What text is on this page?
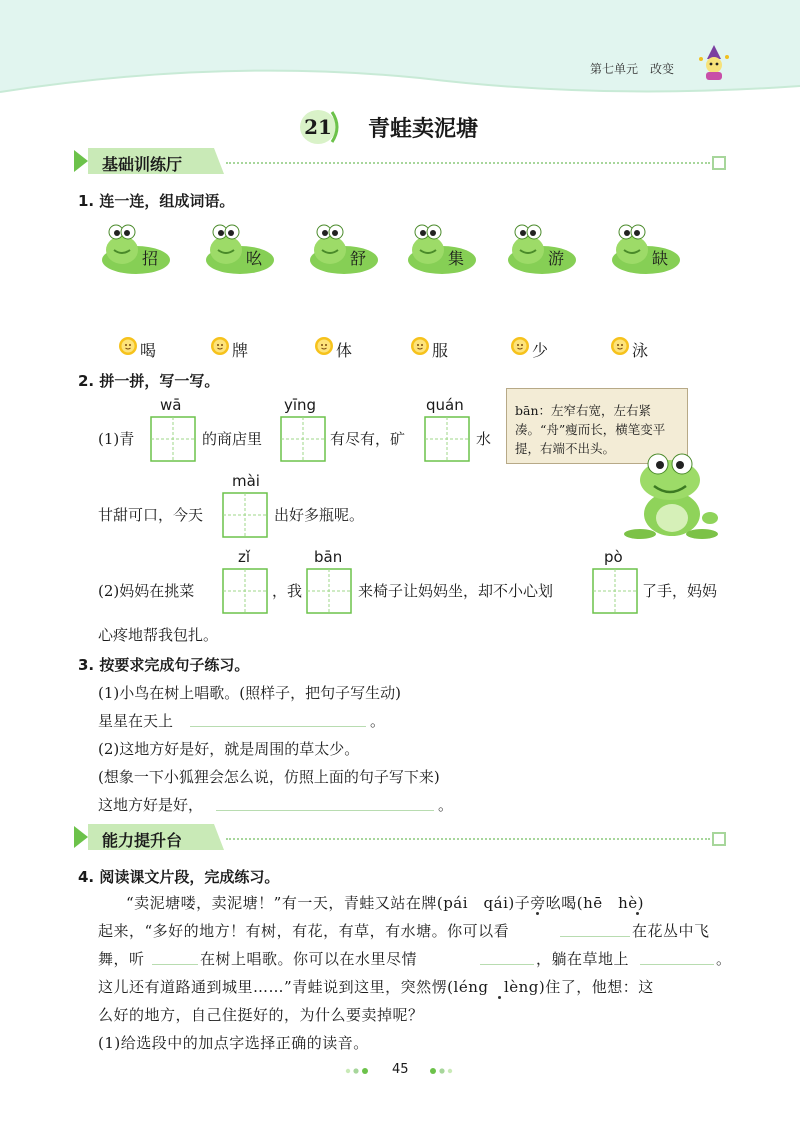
第七单元　 改变
21 青蛙卖泥塘
基础训练厅
1. 连一连，组成词语。
招	吆	舒	集	游	缺
喝	牌	体	服	少	泳
2. 拼一拼，写一写。
(1)青
wā
的商店里
yīng
有尽有，矿
quán
水
bān：左窄右宽，左右紧凑。“舟”瘦而长，横笔变平提，右端不出头。
甘甜可口，今天
mài
出好多瓶呢。
(2)妈妈在挑菜
zǐ
，我
bān
来椅子让妈妈坐，却不小心划
pò
了手，妈妈
心疼地帮我包扎。
3. 按要求完成句子练习。
(1)小鸟在树上唱歌。(照样子，把句子写生动)
星星在天上	。
(2)这地方好是好，就是周围的草太少。
(想象一下小狐狸会怎么说，仿照上面的句子写下来)
这地方好是好，	。
能力提升台
4. 阅读课文片段，完成练习。
“卖泥塘喽，卖泥塘！”有一天，青蛙又站在牌(pái　qái)子旁吆喝(hē　hè)
起来，“多好的地方！有树，有花，有草，有水塘。你可以看	在花丛中飞
舞，听	在树上唱歌。你可以在水里尽情	，躺在草地上	。
这儿还有道路通到城里……”青蛙说到这里，突然愣(léng　lèng)住了，他想：这
么好的地方，自己住挺好的，为什么要卖掉呢？
(1)给选段中的加点字选择正确的读音。
45
